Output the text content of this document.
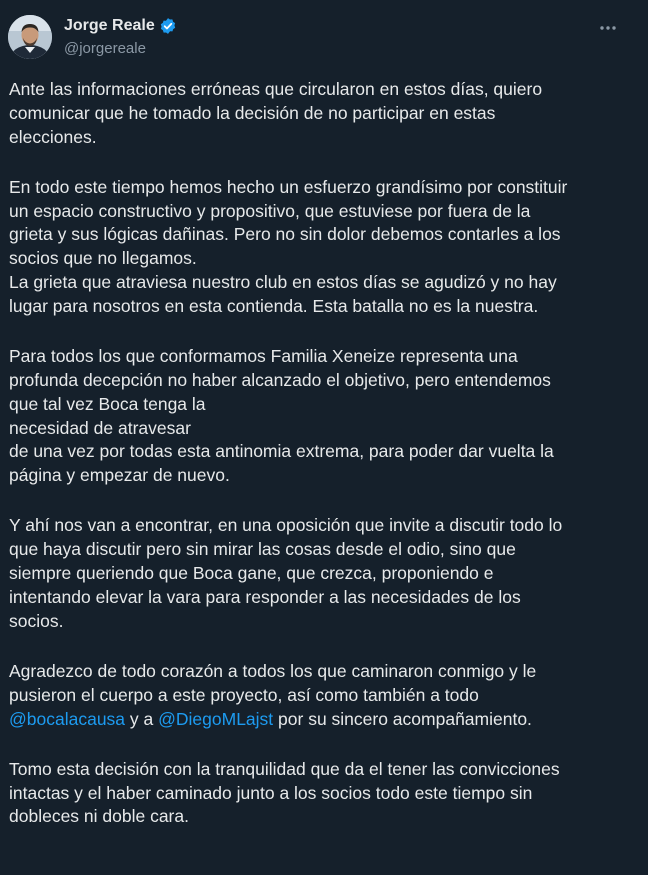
Jorge Reale
@jorgereale

Ante las informaciones erróneas que circularon en estos días, quiero
comunicar que he tomado la decisión de no participar en estas
elecciones.

En todo este tiempo hemos hecho un esfuerzo grandísimo por constituir
un espacio constructivo y propositivo, que estuviese por fuera de la
grieta y sus lógicas dañinas. Pero no sin dolor debemos contarles a los
socios que no llegamos.
La grieta que atraviesa nuestro club en estos días se agudizó y no hay
lugar para nosotros en esta contienda. Esta batalla no es la nuestra.

Para todos los que conformamos Familia Xeneize representa una
profunda decepción no haber alcanzado el objetivo, pero entendemos
que tal vez Boca tenga la
necesidad de atravesar
de una vez por todas esta antinomia extrema, para poder dar vuelta la
página y empezar de nuevo.

Y ahí nos van a encontrar, en una oposición que invite a discutir todo lo
que haya discutir pero sin mirar las cosas desde el odio, sino que
siempre queriendo que Boca gane, que crezca, proponiendo e
intentando elevar la vara para responder a las necesidades de los
socios.

Agradezco de todo corazón a todos los que caminaron conmigo y le
pusieron el cuerpo a este proyecto, así como también a todo
@bocalacausa y a @DiegoMLajst por su sincero acompañamiento.

Tomo esta decisión con la tranquilidad que da el tener las convicciones
intactas y el haber caminado junto a los socios todo este tiempo sin
dobleces ni doble cara.
